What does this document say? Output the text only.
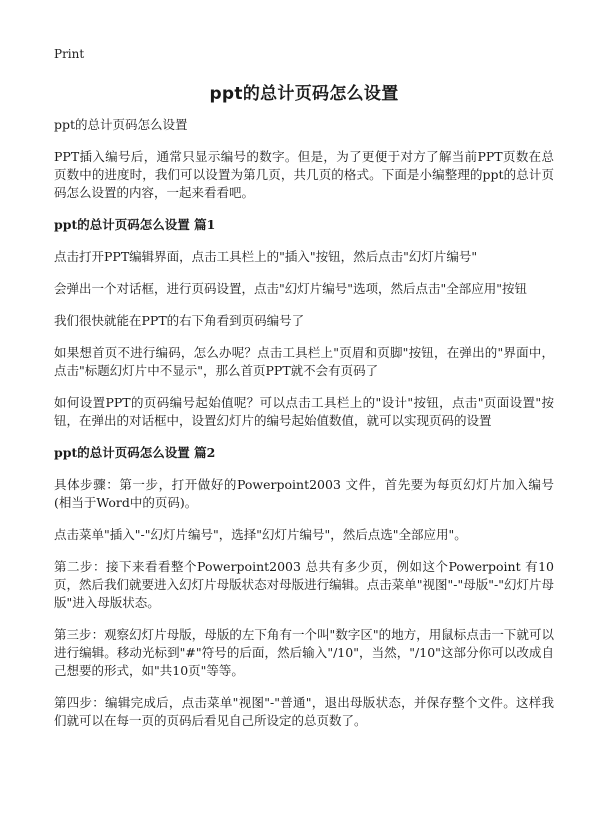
Print
ppt的总计页码怎么设置
ppt的总计页码怎么设置
PPT插入编号后，通常只显示编号的数字。但是，为了更便于对方了解当前PPT页数在总页数中的进度时，我们可以设置为第几页，共几页的格式。下面是小编整理的ppt的总计页码怎么设置的内容，一起来看看吧。
ppt的总计页码怎么设置 篇1
点击打开PPT编辑界面，点击工具栏上的"插入"按钮，然后点击"幻灯片编号"
会弹出一个对话框，进行页码设置，点击"幻灯片编号"选项，然后点击"全部应用"按钮
我们很快就能在PPT的右下角看到页码编号了
如果想首页不进行编码，怎么办呢？点击工具栏上"页眉和页脚"按钮，在弹出的"界面中，点击"标题幻灯片中不显示"，那么首页PPT就不会有页码了
如何设置PPT的页码编号起始值呢？可以点击工具栏上的"设计"按钮，点击"页面设置"按钮，在弹出的对话框中，设置幻灯片的编号起始值数值，就可以实现页码的设置
ppt的总计页码怎么设置 篇2
具体步骤：第一步，打开做好的Powerpoint2003 文件，首先要为每页幻灯片加入编号(相当于Word中的页码)。
点击菜单"插入"-"幻灯片编号"，选择"幻灯片编号"，然后点选"全部应用"。
第二步：接下来看看整个Powerpoint2003 总共有多少页，例如这个Powerpoint 有10页，然后我们就要进入幻灯片母版状态对母版进行编辑。点击菜单"视图"-"母版"-"幻灯片母版"进入母版状态。
第三步：观察幻灯片母版，母版的左下角有一个叫"数字区"的地方，用鼠标点击一下就可以进行编辑。移动光标到"#"符号的后面，然后输入"/10"，当然，"/10"这部分你可以改成自己想要的形式，如"共10页"等等。
第四步：编辑完成后，点击菜单"视图"-"普通"，退出母版状态，并保存整个文件。这样我们就可以在每一页的页码后看见自己所设定的总页数了。
